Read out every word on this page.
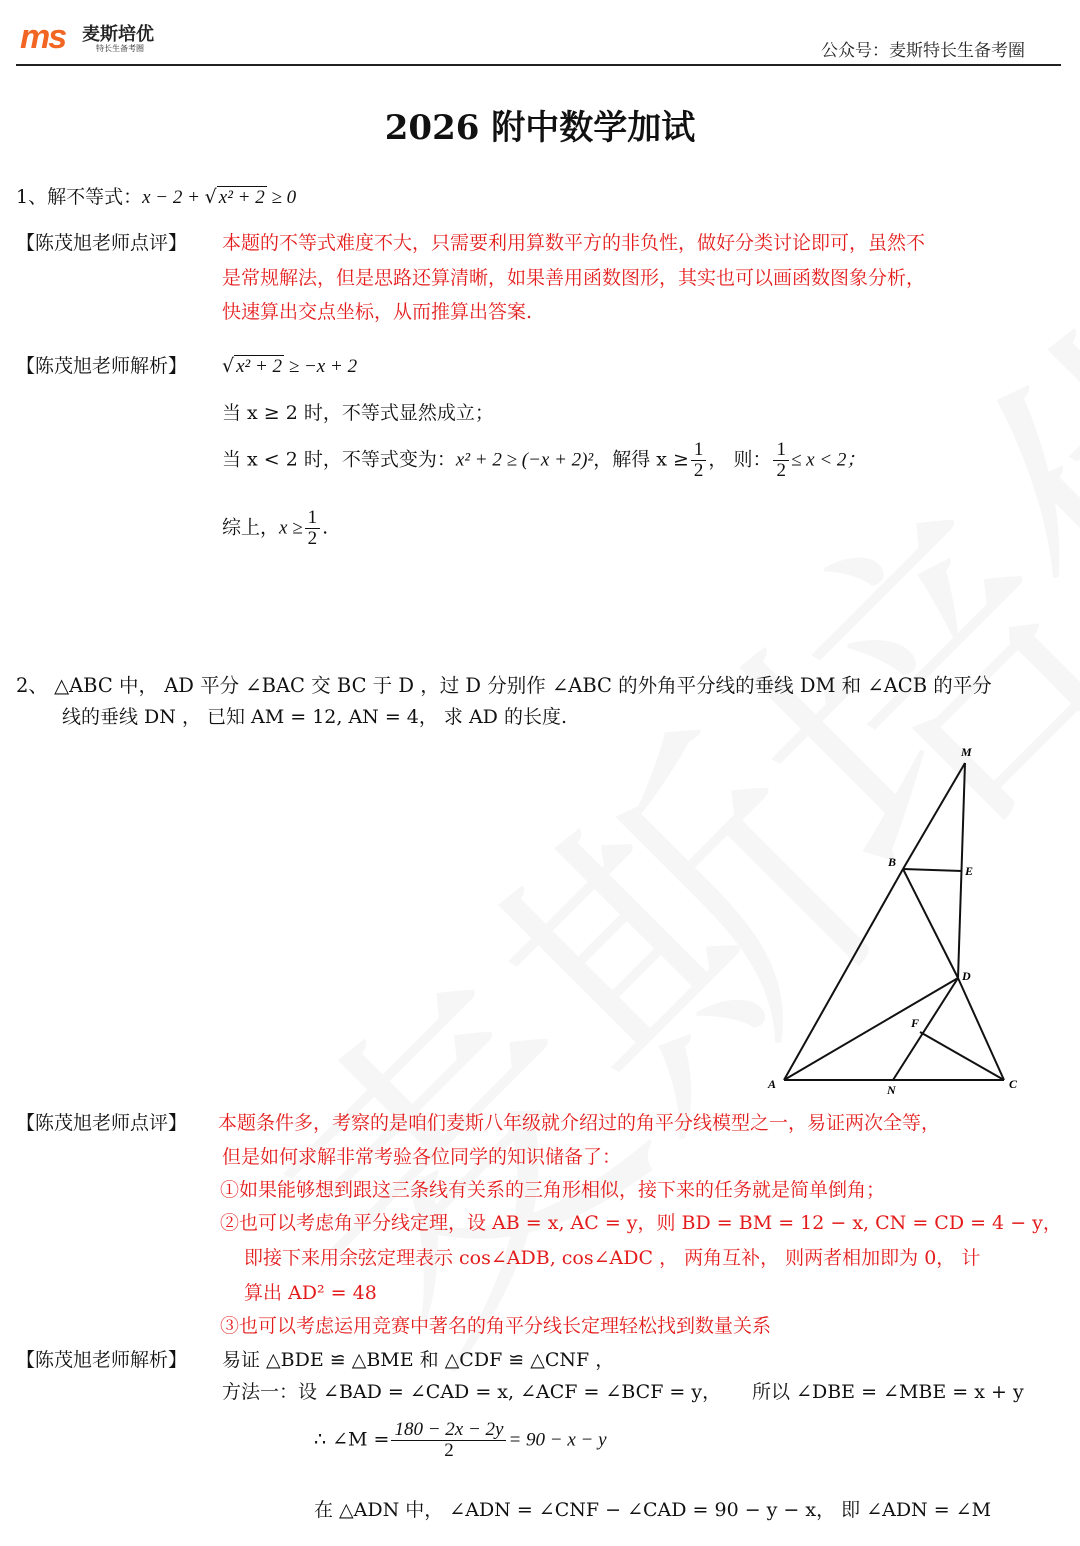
ms 麦斯培优
特长生备考圈	公众号：麦斯特长生备考圈
2026 附中数学加试
1、解不等式：x − 2 + √ x² + 2 ≥ 0
【陈茂旭老师点评】 本题的不等式难度不大，只需要利用算数平方的非负性，做好分类讨论即可，虽然不
是常规解法，但是思路还算清晰，如果善用函数图形，其实也可以画函数图象分析，
快速算出交点坐标，从而推算出答案.
【陈茂旭老师解析】 √ x² + 2 ≥ −x + 2
当 x ≥ 2 时，不等式显然成立；
当 x < 2 时，不等式变为：x² + 2 ≥ (−x + 2)²，解得 $x \ge \frac{1}{2}$ ， 则： $\frac{1}{2} \le x < 2$；
综上，$x \ge \frac{1}{2}$ .
2、 △ABC 中， AD 平分 ∠BAC 交 BC 于 D ，过 D 分别作 ∠ABC 的外角平分线的垂线 DM 和 ∠ACB 的平分
线的垂线 DN ， 已知 AM = 12, AN = 4， 求 AD 的长度.
M
B
E
D
F
A	N	C
【陈茂旭老师点评】 本题条件多，考察的是咱们麦斯八年级就介绍过的角平分线模型之一，易证两次全等，
但是如何求解非常考验各位同学的知识储备了：
①如果能够想到跟这三条线有关系的三角形相似，接下来的任务就是简单倒角；
②也可以考虑角平分线定理，设 AB = x, AC = y，则 BD = BM = 12 − x, CN = CD = 4 − y，
即接下来用余弦定理表示 cos∠ADB, cos∠ADC ， 两角互补， 则两者相加即为 0， 计
算出 AD² = 48
③也可以考虑运用竞赛中著名的角平分线长定理轻松找到数量关系
【陈茂旭老师解析】 易证 △BDE ≌ △BME 和 △CDF ≌ △CNF ，
方法一：设 ∠BAD = ∠CAD = x, ∠ACF = ∠BCF = y， 所以 ∠DBE = ∠MBE = x + y
∴ ∠M = $\frac{180 - 2x - 2y}{2} = 90 - x - y$
在 △ADN 中， ∠ADN = ∠CNF − ∠CAD = 90 − y − x， 即 ∠ADN = ∠M
